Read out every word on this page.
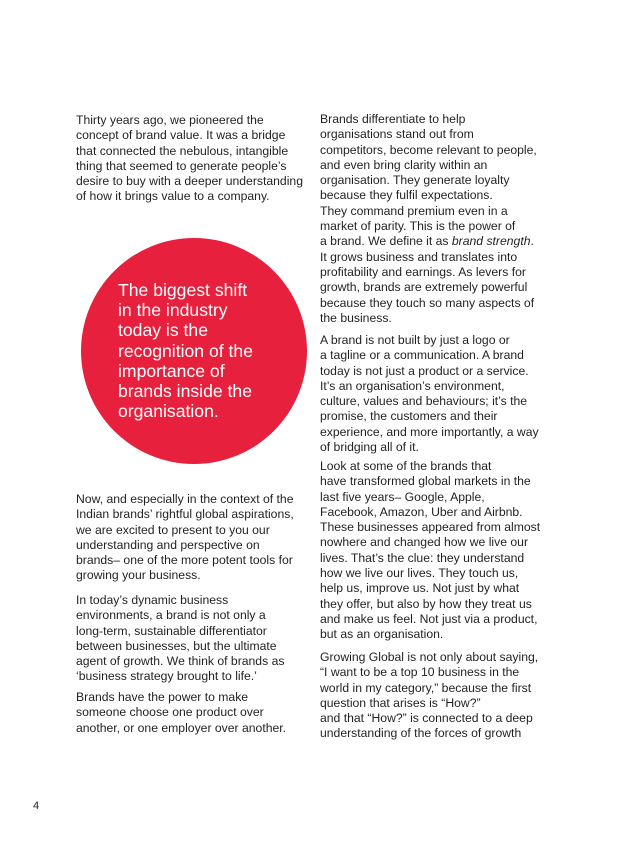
Thirty years ago, we pioneered the
concept of brand value. It was a bridge
that connected the nebulous, intangible
thing that seemed to generate people’s
desire to buy with a deeper understanding
of how it brings value to a company.
The biggest shift
in the industry
today is the
recognition of the
importance of
brands inside the
organisation.
Now, and especially in the context of the
Indian brands’ rightful global aspirations,
we are excited to present to you our
understanding and perspective on
brands– one of the more potent tools for
growing your business.
In today’s dynamic business
environments, a brand is not only a
long-term, sustainable differentiator
between businesses, but the ultimate
agent of growth. We think of brands as
‘business strategy brought to life.’
Brands have the power to make
someone choose one product over
another, or one employer over another.
Brands differentiate to help
organisations stand out from
competitors, become relevant to people,
and even bring clarity within an
organisation. They generate loyalty
because they fulfil expectations.
They command premium even in a
market of parity. This is the power of
a brand. We define it as brand strength.
It grows business and translates into
profitability and earnings. As levers for
growth, brands are extremely powerful
because they touch so many aspects of
the business.
A brand is not built by just a logo or
a tagline or a communication. A brand
today is not just a product or a service.
It’s an organisation’s environment,
culture, values and behaviours; it’s the
promise, the customers and their
experience, and more importantly, a way
of bridging all of it.
Look at some of the brands that
have transformed global markets in the
last five years– Google, Apple,
Facebook, Amazon, Uber and Airbnb.
These businesses appeared from almost
nowhere and changed how we live our
lives. That’s the clue: they understand
how we live our lives. They touch us,
help us, improve us. Not just by what
they offer, but also by how they treat us
and make us feel. Not just via a product,
but as an organisation.
Growing Global is not only about saying,
“I want to be a top 10 business in the
world in my category,” because the first
question that arises is “How?”
and that “How?” is connected to a deep
understanding of the forces of growth
4
